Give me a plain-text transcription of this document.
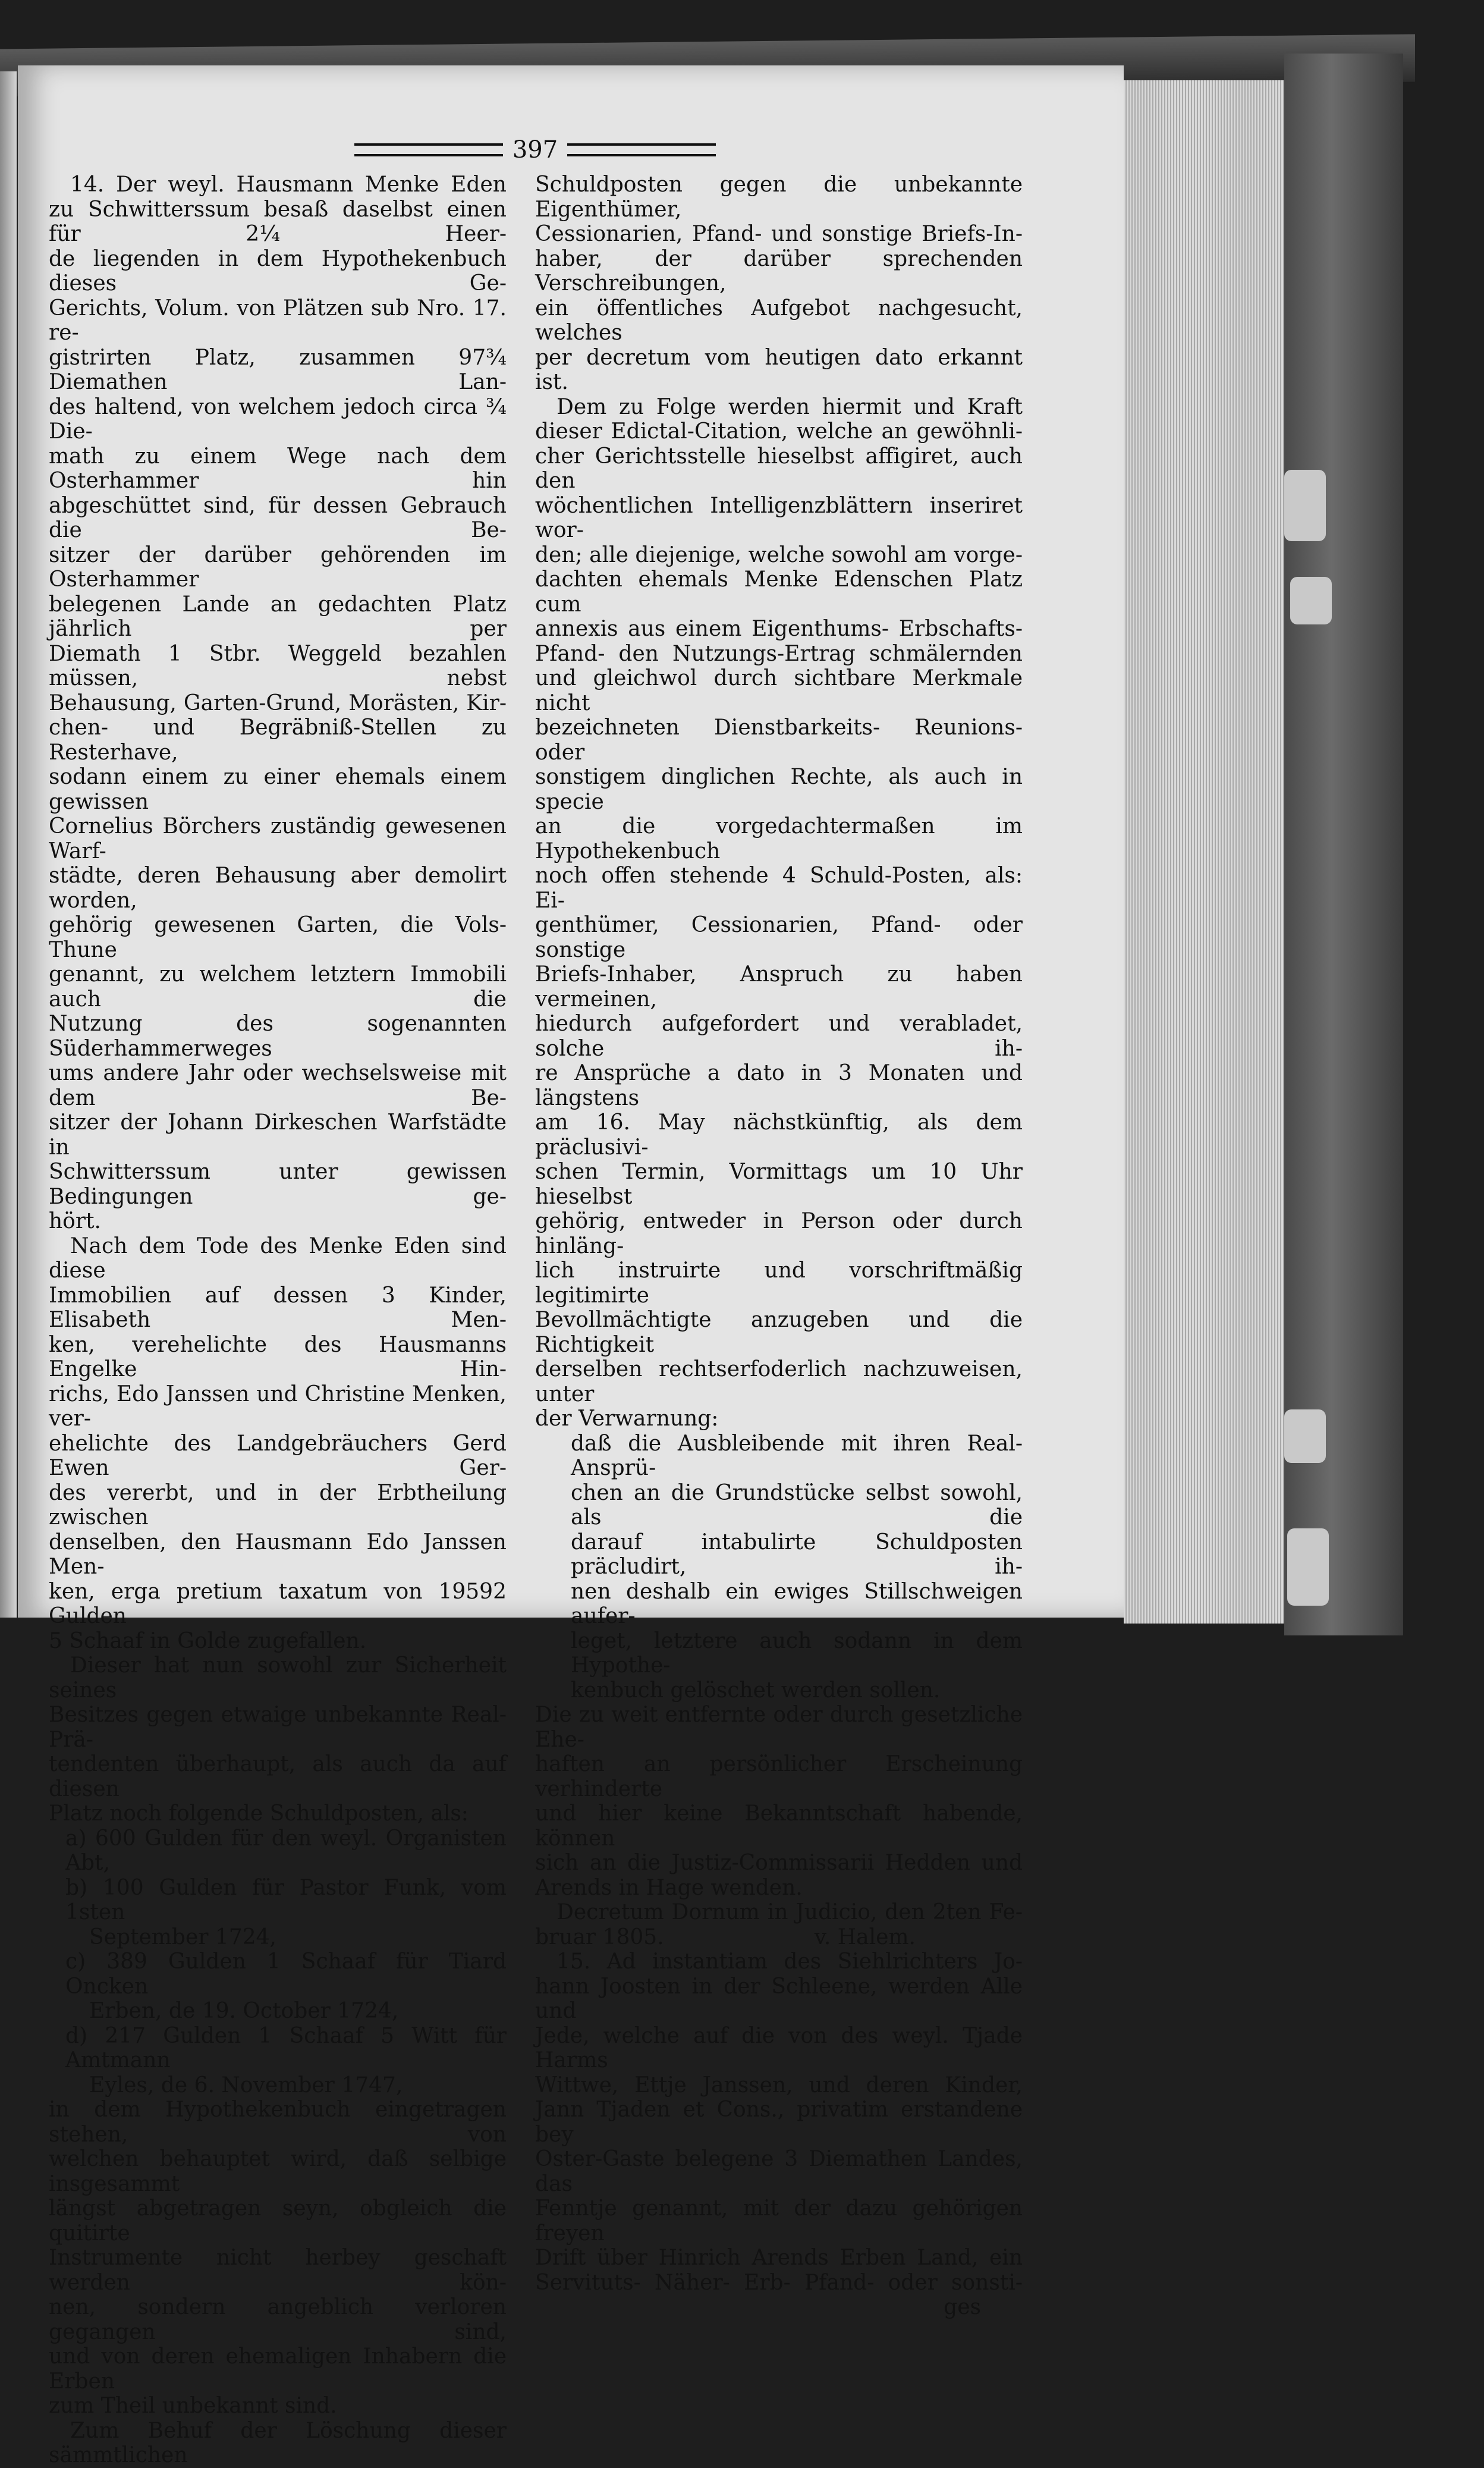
397

14. Der weyl. Hausmann Menke Eden

zu Schwitterssum besaß daselbst einen für 2¼ Heer-

de liegenden in dem Hypothekenbuch dieses Ge-

Gerichts, Volum. von Plätzen sub Nro. 17. re-

gistrirten Platz, zusammen 97¾ Diemathen Lan-

des haltend, von welchem jedoch circa ¾ Die-

math zu einem Wege nach dem Osterhammer hin

abgeschüttet sind, für dessen Gebrauch die Be-

sitzer der darüber gehörenden im Osterhammer

belegenen Lande an gedachten Platz jährlich per

Diemath 1 Stbr. Weggeld bezahlen müssen, nebst

Behausung, Garten-Grund, Morästen, Kir-

chen- und Begräbniß-Stellen zu Resterhave,

sodann einem zu einer ehemals einem gewissen

Cornelius Börchers zuständig gewesenen Warf-

städte, deren Behausung aber demolirt worden,

gehörig gewesenen Garten, die Vols-Thune

genannt, zu welchem letztern Immobili auch die

Nutzung des sogenannten Süderhammerweges

ums andere Jahr oder wechselsweise mit dem Be-

sitzer der Johann Dirkeschen Warfstädte in

Schwitterssum unter gewissen Bedingungen ge-

hört.

Nach dem Tode des Menke Eden sind diese

Immobilien auf dessen 3 Kinder, Elisabeth Men-

ken, verehelichte des Hausmanns Engelke Hin-

richs, Edo Janssen und Christine Menken, ver-

ehelichte des Landgebräuchers Gerd Ewen Ger-

des vererbt, und in der Erbtheilung zwischen

denselben, den Hausmann Edo Janssen Men-

ken, erga pretium taxatum von 19592 Gulden

5 Schaaf in Golde zugefallen.

Dieser hat nun sowohl zur Sicherheit seines

Besitzes gegen etwaige unbekannte Real-Prä-

tendenten überhaupt, als auch da auf diesen

Platz noch folgende Schuldposten, als:

a) 600 Gulden für den weyl. Organisten Abt,

b) 100 Gulden für Pastor Funk, vom 1sten

September 1724,

c) 389 Gulden 1 Schaaf für Tiard Oncken

Erben, de 19. October 1724,

d) 217 Gulden 1 Schaaf 5 Witt für Amtmann

Eyles, de 6. November 1747,

in dem Hypothekenbuch eingetragen stehen, von

welchen behauptet wird, daß selbige insgesammt

längst abgetragen seyn, obgleich die quitirte

Instrumente nicht herbey geschaft werden kön-

nen, sondern angeblich verloren gegangen sind,

und von deren ehemaligen Inhabern die Erben

zum Theil unbekannt sind.

Zum Behuf der Löschung dieser sämmtlichen

Schuldposten gegen die unbekannte Eigenthümer,

Cessionarien, Pfand- und sonstige Briefs-In-

haber, der darüber sprechenden Verschreibungen,

ein öffentliches Aufgebot nachgesucht, welches

per decretum vom heutigen dato erkannt ist.

Dem zu Folge werden hiermit und Kraft

dieser Edictal-Citation, welche an gewöhnli-

cher Gerichtsstelle hieselbst affigiret, auch den

wöchentlichen Intelligenzblättern inseriret wor-

den; alle diejenige, welche sowohl am vorge-

dachten ehemals Menke Edenschen Platz cum

annexis aus einem Eigenthums- Erbschafts-

Pfand- den Nutzungs-Ertrag schmälernden

und gleichwol durch sichtbare Merkmale nicht

bezeichneten Dienstbarkeits- Reunions- oder

sonstigem dinglichen Rechte, als auch in specie

an die vorgedachtermaßen im Hypothekenbuch

noch offen stehende 4 Schuld-Posten, als: Ei-

genthümer, Cessionarien, Pfand- oder sonstige

Briefs-Inhaber, Anspruch zu haben vermeinen,

hiedurch aufgefordert und verabladet, solche ih-

re Ansprüche a dato in 3 Monaten und längstens

am 16. May nächstkünftig, als dem präclusivi-

schen Termin, Vormittags um 10 Uhr hieselbst

gehörig, entweder in Person oder durch hinläng-

lich instruirte und vorschriftmäßig legitimirte

Bevollmächtigte anzugeben und die Richtigkeit

derselben rechtserfoderlich nachzuweisen, unter

der Verwarnung:

daß die Ausbleibende mit ihren Real-Ansprü-

chen an die Grundstücke selbst sowohl, als die

darauf intabulirte Schuldposten präcludirt, ih-

nen deshalb ein ewiges Stillschweigen aufer-

leget, letztere auch sodann in dem Hypothe-

kenbuch gelöschet werden sollen.

Die zu weit entfernte oder durch gesetzliche Ehe-

haften an persönlicher Erscheinung verhinderte

und hier keine Bekanntschaft habende, können

sich an die Justiz-Commissarii Hedden und

Arends in Hage wenden.

Decretum Dornum in Judicio, den 2ten Fe-

bruar 1805.	v. Halem.

15. Ad instantiam des Siehlrichters Jo-

hann Joosten in der Schleene, werden Alle und

Jede, welche auf die von des weyl. Tjade Harms

Wittwe, Ettje Janssen, und deren Kinder,

Jann Tjaden et Cons., privatim erstandene bey

Oster-Gaste belegene 3 Diemathen Landes, das

Fenntje genannt, mit der dazu gehörigen freyen

Drift über Hinrich Arends Erben Land, ein

Servituts- Näher- Erb- Pfand- oder sonsti-

ges
